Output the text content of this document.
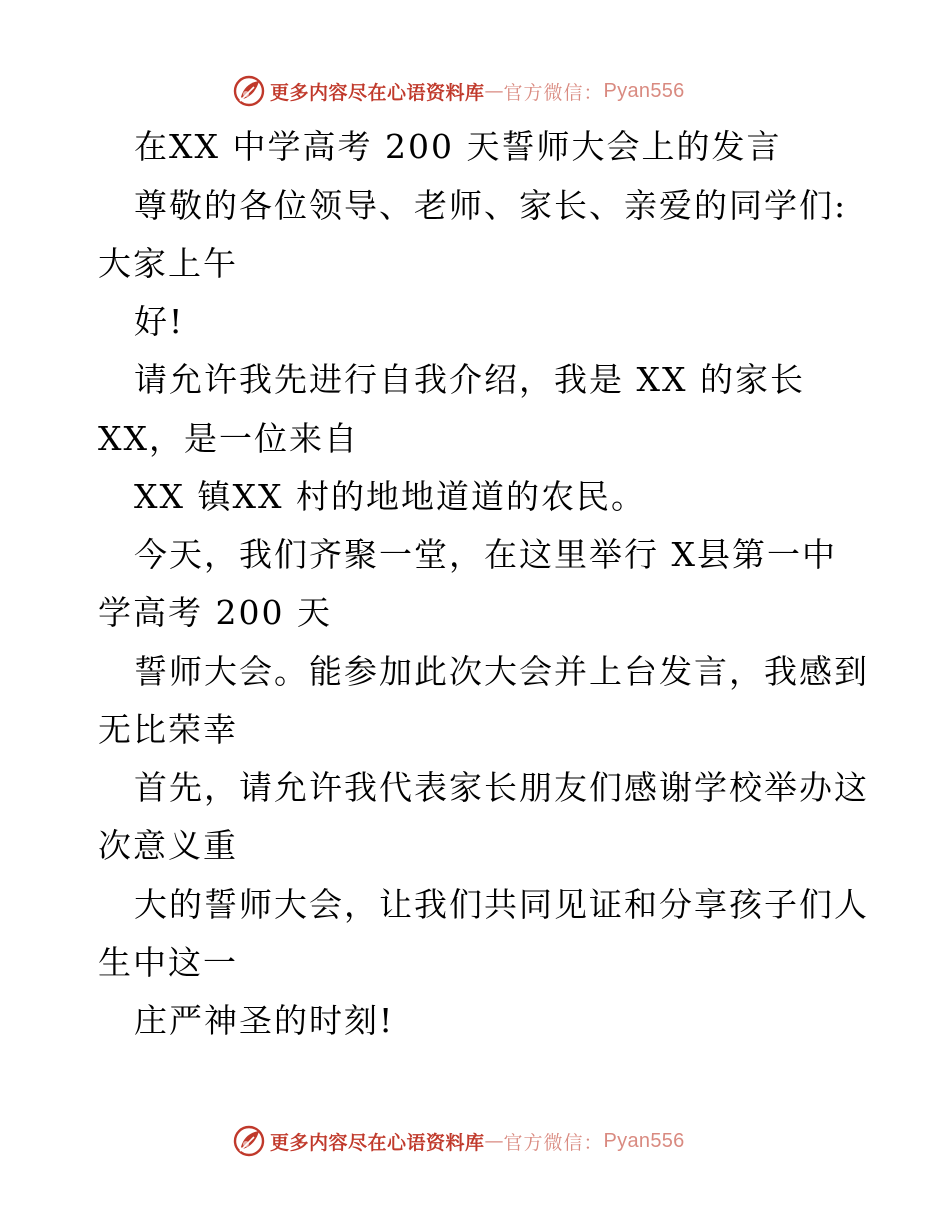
更多内容尽在心语资料库 — 官方微信： Pyan556
在XX 中学高考 200 天誓师大会上的发言
尊敬的各位领导、老师、家长、亲爱的同学们:
大家上午
好!
请允许我先进行自我介绍，我是 XX 的家长
XX，是一位来自
XX 镇XX 村的地地道道的农民。
今天，我们齐聚一堂，在这里举行 X县第一中
学高考 200 天
誓师大会。能参加此次大会并上台发言，我感到
无比荣幸
首先，请允许我代表家长朋友们感谢学校举办这
次意义重
大的誓师大会，让我们共同见证和分享孩子们人
生中这一
庄严神圣的时刻!
更多内容尽在心语资料库 — 官方微信： Pyan556
